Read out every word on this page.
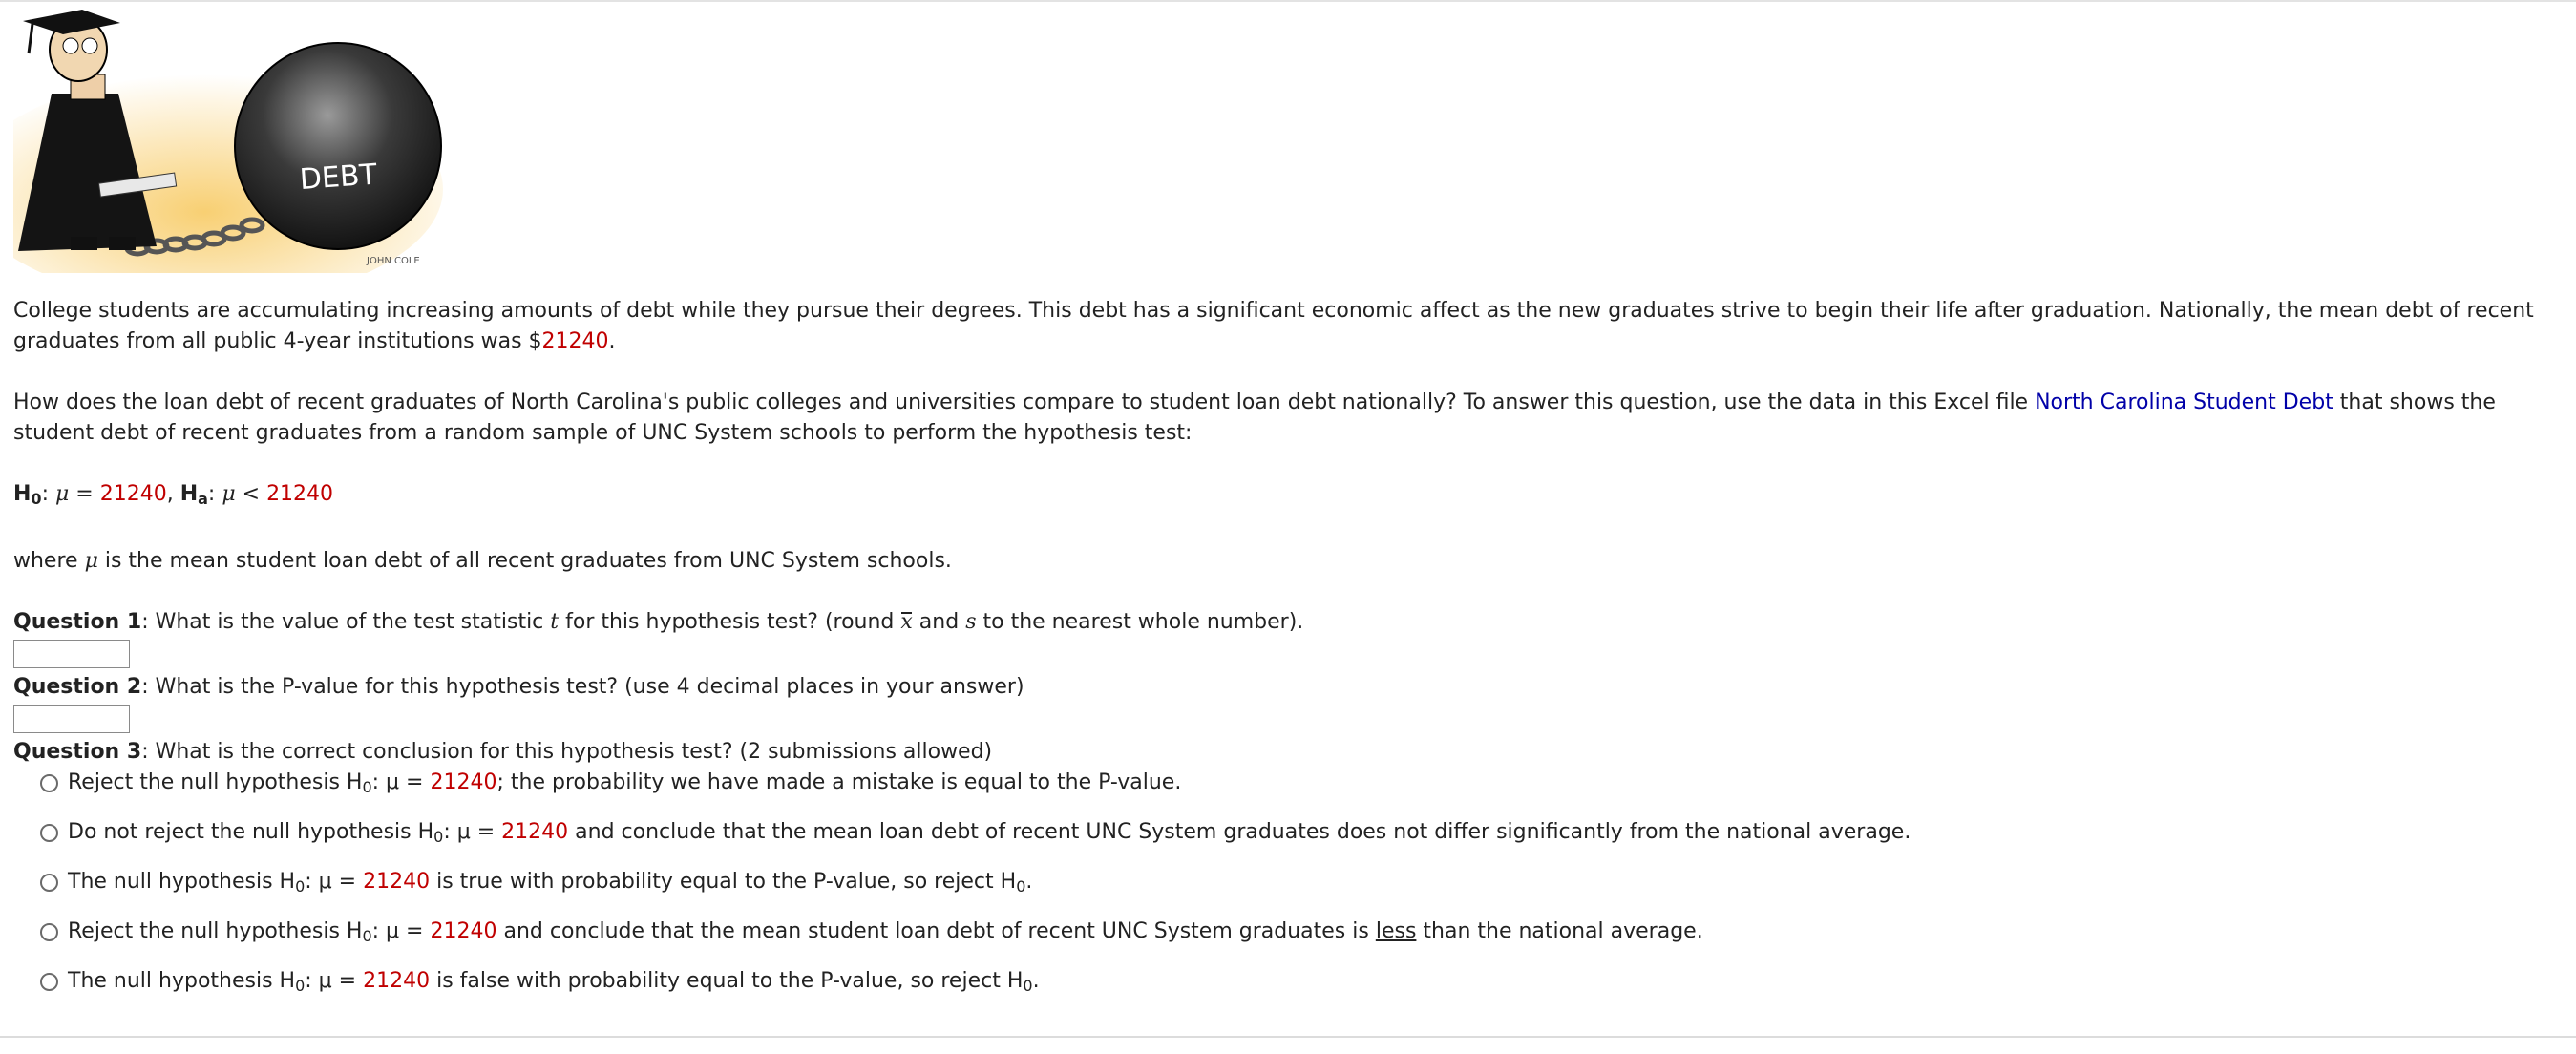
DEBT
JOHN COLE

College students are accumulating increasing amounts of debt while they pursue their degrees. This debt has a significant economic affect as the new graduates strive to begin their life after graduation. Nationally, the mean debt of recent graduates from all public 4-year institutions was $21240.

How does the loan debt of recent graduates of North Carolina's public colleges and universities compare to student loan debt nationally? To answer this question, use the data in this Excel file North Carolina Student Debt that shows the student debt of recent graduates from a random sample of UNC System schools to perform the hypothesis test:

$H_0$: μ = 21240, $H_a$: μ < 21240

where μ is the mean student loan debt of all recent graduates from UNC System schools.

Question 1: What is the value of the test statistic t for this hypothesis test? (round x and s to the nearest whole number).

Question 2: What is the P-value for this hypothesis test? (use 4 decimal places in your answer)

Question 3: What is the correct conclusion for this hypothesis test? (2 submissions allowed)

Reject the null hypothesis $H_0$: μ = 21240; the probability we have made a mistake is equal to the P-value.
Do not reject the null hypothesis $H_0$: μ = 21240 and conclude that the mean loan debt of recent UNC System graduates does not differ significantly from the national average.
The null hypothesis $H_0$: μ = 21240 is true with probability equal to the P-value, so reject $H_0$.
Reject the null hypothesis $H_0$: μ = 21240 and conclude that the mean student loan debt of recent UNC System graduates is less than the national average.
The null hypothesis $H_0$: μ = 21240 is false with probability equal to the P-value, so reject $H_0$.
